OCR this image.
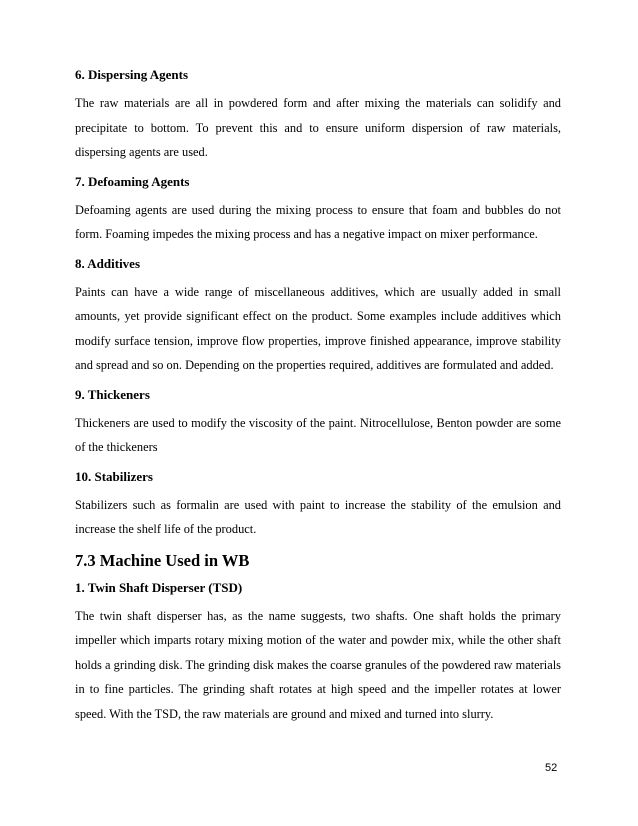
6. Dispersing Agents

The raw materials are all in powdered form and after mixing the materials can solidify and precipitate to bottom. To prevent this and to ensure uniform dispersion of raw materials, dispersing agents are used.

7. Defoaming Agents

Defoaming agents are used during the mixing process to ensure that foam and bubbles do not form. Foaming impedes the mixing process and has a negative impact on mixer performance.

8. Additives

Paints can have a wide range of miscellaneous additives, which are usually added in small amounts, yet provide significant effect on the product. Some examples include additives which modify surface tension, improve flow properties, improve finished appearance, improve stability and spread and so on. Depending on the properties required, additives are formulated and added.

9. Thickeners

Thickeners are used to modify the viscosity of the paint. Nitrocellulose, Benton powder are some of the thickeners

10. Stabilizers

Stabilizers such as formalin are used with paint to increase the stability of the emulsion and increase the shelf life of the product.

7.3 Machine Used in WB
1. Twin Shaft Disperser (TSD)

The twin shaft disperser has, as the name suggests, two shafts. One shaft holds the primary impeller which imparts rotary mixing motion of the water and powder mix, while the other shaft holds a grinding disk. The grinding disk makes the coarse granules of the powdered raw materials in to fine particles. The grinding shaft rotates at high speed and the impeller rotates at lower speed. With the TSD, the raw materials are ground and mixed and turned into slurry.

52
